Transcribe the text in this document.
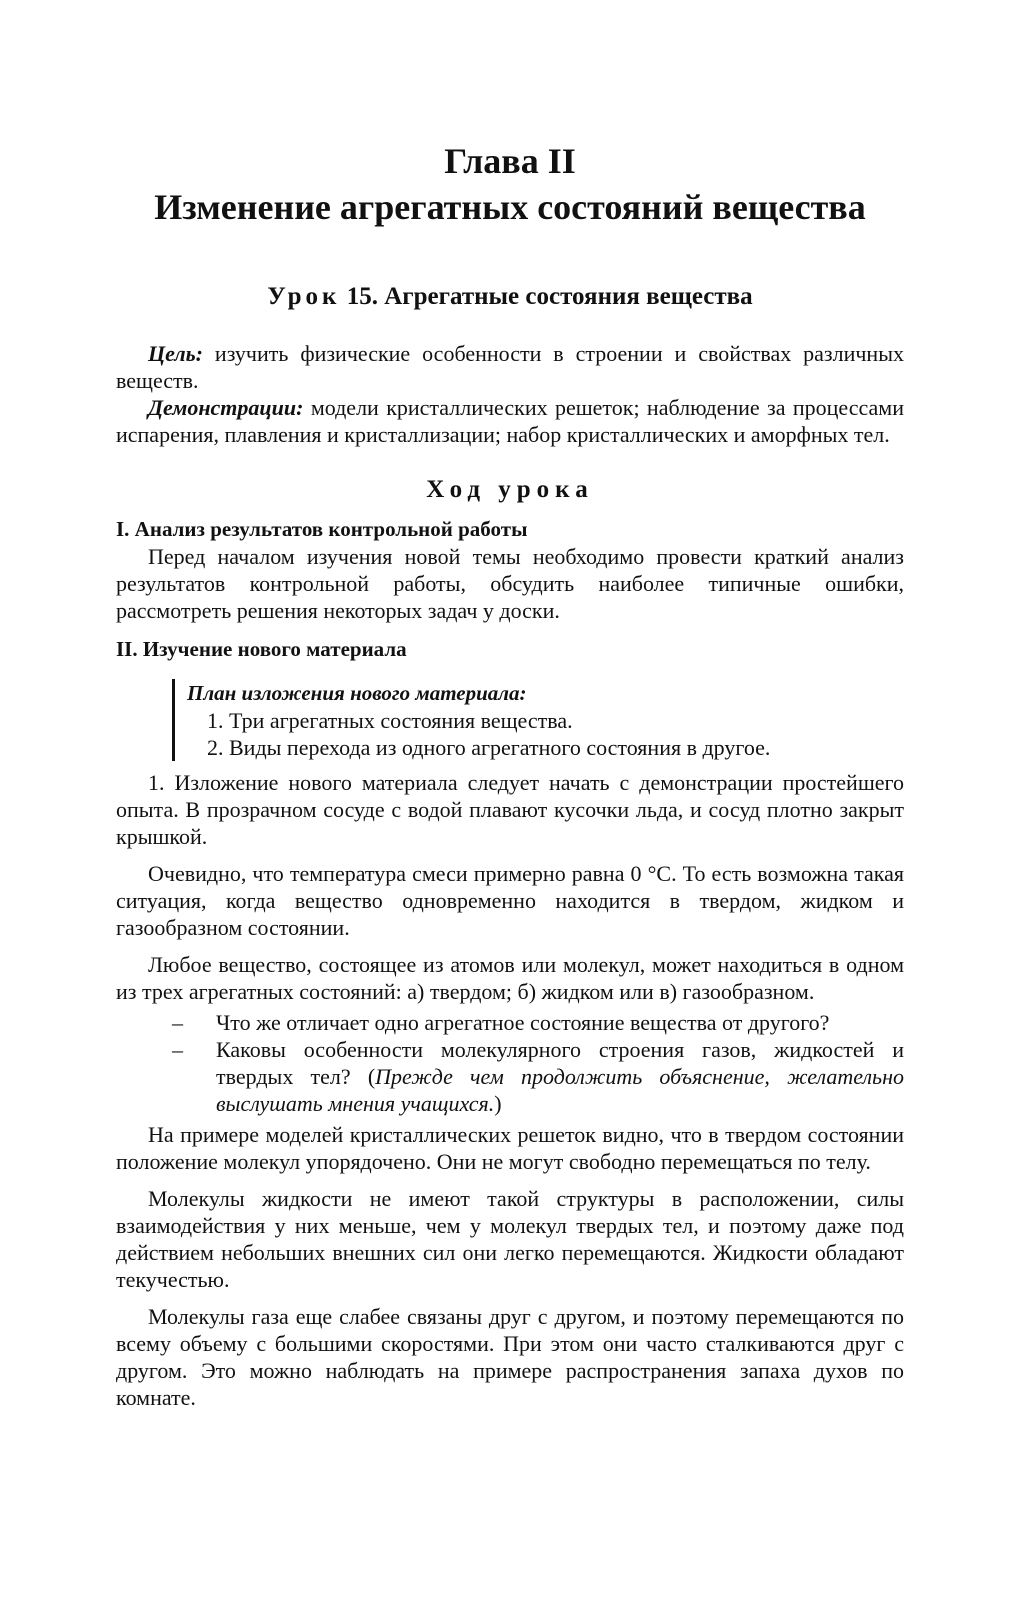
Глава II
Изменение агрегатных состояний вещества
Урок 15. Агрегатные состояния вещества

Цель: изучить физические особенности в строении и свойствах различных веществ.

Демонстрации: модели кристаллических решеток; наблюдение за процессами испарения, плавления и кристаллизации; набор кристаллических и аморфных тел.

Ход урока
I. Анализ результатов контрольной работы

Перед началом изучения новой темы необходимо провести краткий анализ результатов контрольной работы, обсудить наиболее типичные ошибки, рассмотреть решения некоторых задач у доски.

II. Изучение нового материала
План изложения нового материала:
1. Три агрегатных состояния вещества.
2. Виды перехода из одного агрегатного состояния в другое.

1. Изложение нового материала следует начать с демонстрации простейшего опыта. В прозрачном сосуде с водой плавают кусочки льда, и сосуд плотно закрыт крышкой.

Очевидно, что температура смеси примерно равна 0 °С. То есть возможна такая ситуация, когда вещество одновременно находится в твердом, жидком и газообразном состоянии.

Любое вещество, состоящее из атомов или молекул, может находиться в одном из трех агрегатных состояний: а) твердом; б) жидком или в) газообразном.

–	Что же отличает одно агрегатное состояние вещества от другого?
–	Каковы особенности молекулярного строения газов, жидкостей и твердых тел? (Прежде чем продолжить объяснение, желательно выслушать мнения учащихся.)

На примере моделей кристаллических решеток видно, что в твердом состоянии положение молекул упорядочено. Они не могут свободно перемещаться по телу.

Молекулы жидкости не имеют такой структуры в расположении, силы взаимодействия у них меньше, чем у молекул твердых тел, и поэтому даже под действием небольших внешних сил они легко перемещаются. Жидкости обладают текучестью.

Молекулы газа еще слабее связаны друг с другом, и поэтому перемещаются по всему объему с большими скоростями. При этом они часто сталкиваются друг с другом. Это можно наблюдать на примере распространения запаха духов по комнате.
